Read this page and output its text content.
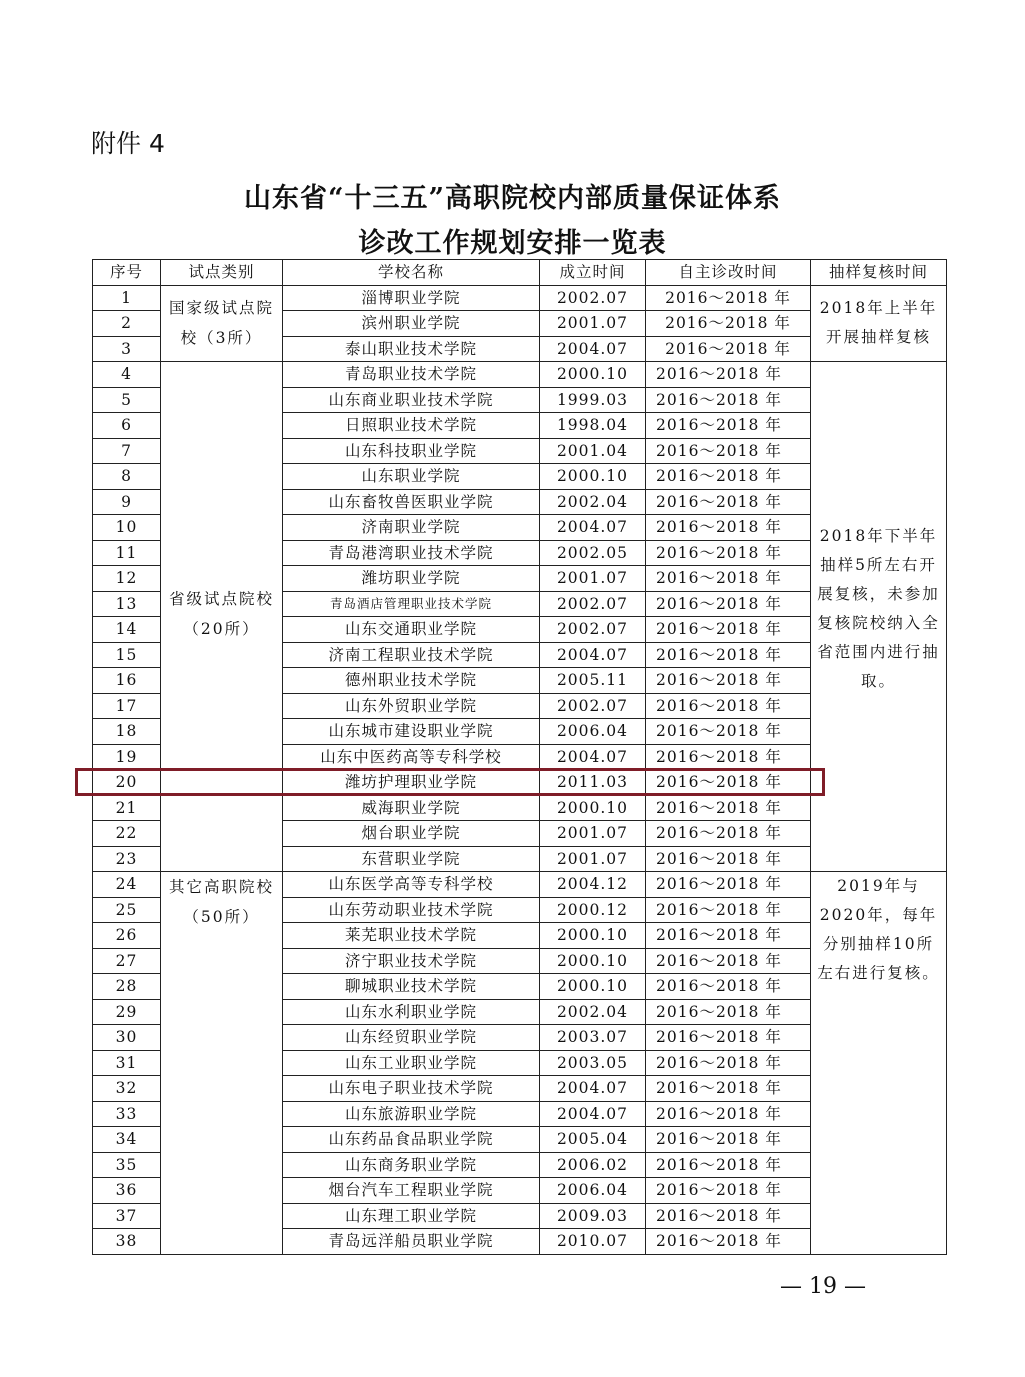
附件 4
山东省“十三五”高职院校内部质量保证体系
诊改工作规划安排一览表
序号	试点类别	学校名称	成立时间	自主诊改时间	抽样复核时间
1	国家级试点院校（3所）	淄博职业学院	2002.07	2016～2018 年	2018年上半年开展抽样复核
2		滨州职业学院	2001.07	2016～2018 年	
3		泰山职业技术学院	2004.07	2016～2018 年	
4	省级试点院校（20所）	青岛职业技术学院	2000.10	2016～2018 年	2018年下半年抽样5所左右开展复核，未参加复核院校纳入全省范围内进行抽取。
5		山东商业职业技术学院	1999.03	2016～2018 年	
6		日照职业技术学院	1998.04	2016～2018 年	
7		山东科技职业学院	2001.04	2016～2018 年	
8		山东职业学院	2000.10	2016～2018 年	
9		山东畜牧兽医职业学院	2002.04	2016～2018 年	
10		济南职业学院	2004.07	2016～2018 年	
11		青岛港湾职业技术学院	2002.05	2016～2018 年	
12		潍坊职业学院	2001.07	2016～2018 年	
13		青岛酒店管理职业技术学院	2002.07	2016～2018 年	
14		山东交通职业学院	2002.07	2016～2018 年	
15		济南工程职业技术学院	2004.07	2016～2018 年	
16		德州职业技术学院	2005.11	2016～2018 年	
17		山东外贸职业学院	2002.07	2016～2018 年	
18		山东城市建设职业学院	2006.04	2016～2018 年	
19		山东中医药高等专科学校	2004.07	2016～2018 年	
20		潍坊护理职业学院	2011.03	2016～2018 年	
21		威海职业学院	2000.10	2016～2018 年	
22		烟台职业学院	2001.07	2016～2018 年	
23		东营职业学院	2001.07	2016～2018 年	
24	其它高职院校（50所）	山东医学高等专科学校	2004.12	2016～2018 年	2019年与2020年，每年分别抽样10所左右进行复核。
25		山东劳动职业技术学院	2000.12	2016～2018 年	
26		莱芜职业技术学院	2000.10	2016～2018 年	
27		济宁职业技术学院	2000.10	2016～2018 年	
28		聊城职业技术学院	2000.10	2016～2018 年	
29		山东水利职业学院	2002.04	2016～2018 年	
30		山东经贸职业学院	2003.07	2016～2018 年	
31		山东工业职业学院	2003.05	2016～2018 年	
32		山东电子职业技术学院	2004.07	2016～2018 年	
33		山东旅游职业学院	2004.07	2016～2018 年	
34		山东药品食品职业学院	2005.04	2016～2018 年	
35		山东商务职业学院	2006.02	2016～2018 年	
36		烟台汽车工程职业学院	2006.04	2016～2018 年	
37		山东理工职业学院	2009.03	2016～2018 年	
38		青岛远洋船员职业学院	2010.07	2016～2018 年	
— 19 —
